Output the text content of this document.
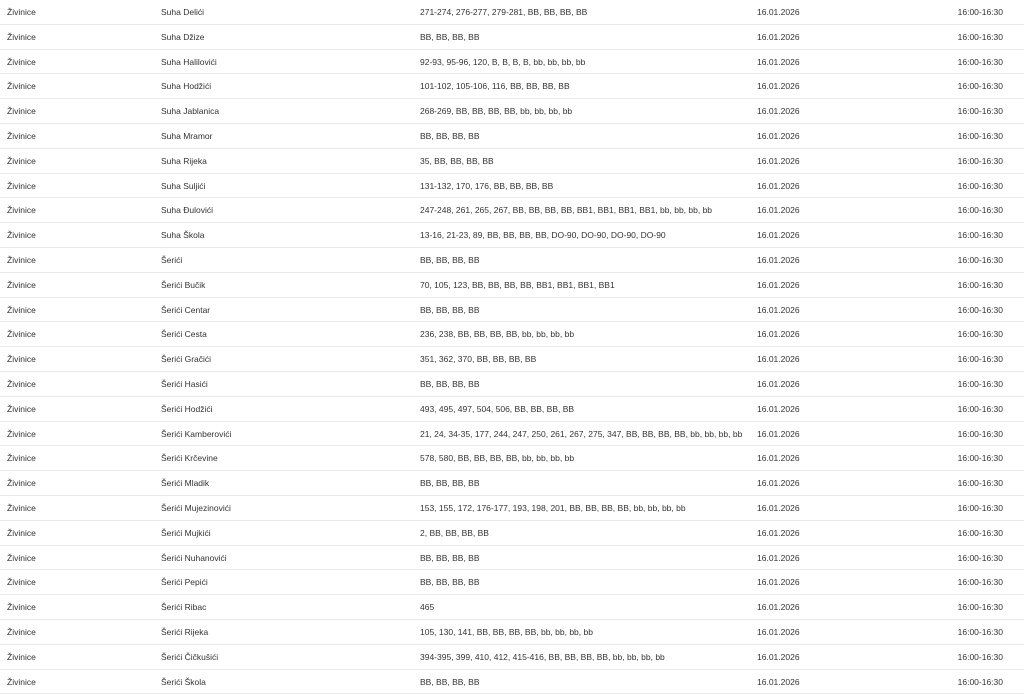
Živinice	Suha Delići	271-274, 276-277, 279-281, BB, BB, BB, BB	16.01.2026	16:00-16:30
Živinice	Suha Džize	BB, BB, BB, BB	16.01.2026	16:00-16:30
Živinice	Suha Halilovići	92-93, 95-96, 120, B, B, B, B, bb, bb, bb, bb	16.01.2026	16:00-16:30
Živinice	Suha Hodžići	101-102, 105-106, 116, BB, BB, BB, BB	16.01.2026	16:00-16:30
Živinice	Suha Jablanica	268-269, BB, BB, BB, BB, bb, bb, bb, bb	16.01.2026	16:00-16:30
Živinice	Suha Mramor	BB, BB, BB, BB	16.01.2026	16:00-16:30
Živinice	Suha Rijeka	35, BB, BB, BB, BB	16.01.2026	16:00-16:30
Živinice	Suha Suljići	131-132, 170, 176, BB, BB, BB, BB	16.01.2026	16:00-16:30
Živinice	Suha Đulovići	247-248, 261, 265, 267, BB, BB, BB, BB, BB1, BB1, BB1, BB1, bb, bb, bb, bb	16.01.2026	16:00-16:30
Živinice	Suha Škola	13-16, 21-23, 89, BB, BB, BB, BB, DO-90, DO-90, DO-90, DO-90	16.01.2026	16:00-16:30
Živinice	Šerići	BB, BB, BB, BB	16.01.2026	16:00-16:30
Živinice	Šerići Bučik	70, 105, 123, BB, BB, BB, BB, BB1, BB1, BB1, BB1	16.01.2026	16:00-16:30
Živinice	Šerići Centar	BB, BB, BB, BB	16.01.2026	16:00-16:30
Živinice	Šerići Cesta	236, 238, BB, BB, BB, BB, bb, bb, bb, bb	16.01.2026	16:00-16:30
Živinice	Šerići Gračići	351, 362, 370, BB, BB, BB, BB	16.01.2026	16:00-16:30
Živinice	Šerići Hasići	BB, BB, BB, BB	16.01.2026	16:00-16:30
Živinice	Šerići Hodžići	493, 495, 497, 504, 506, BB, BB, BB, BB	16.01.2026	16:00-16:30
Živinice	Šerići Kamberovići	21, 24, 34-35, 177, 244, 247, 250, 261, 267, 275, 347, BB, BB, BB, BB, bb, bb, bb, bb	16.01.2026	16:00-16:30
Živinice	Šerići Krčevine	578, 580, BB, BB, BB, BB, bb, bb, bb, bb	16.01.2026	16:00-16:30
Živinice	Šerići Mladik	BB, BB, BB, BB	16.01.2026	16:00-16:30
Živinice	Šerići Mujezinovići	153, 155, 172, 176-177, 193, 198, 201, BB, BB, BB, BB, bb, bb, bb, bb	16.01.2026	16:00-16:30
Živinice	Šerići Mujkići	2, BB, BB, BB, BB	16.01.2026	16:00-16:30
Živinice	Šerići Nuhanovići	BB, BB, BB, BB	16.01.2026	16:00-16:30
Živinice	Šerići Pepići	BB, BB, BB, BB	16.01.2026	16:00-16:30
Živinice	Šerići Ribac	465	16.01.2026	16:00-16:30
Živinice	Šerići Rijeka	105, 130, 141, BB, BB, BB, BB, bb, bb, bb, bb	16.01.2026	16:00-16:30
Živinice	Šerići Čičkušići	394-395, 399, 410, 412, 415-416, BB, BB, BB, BB, bb, bb, bb, bb	16.01.2026	16:00-16:30
Živinice	Šerići Škola	BB, BB, BB, BB	16.01.2026	16:00-16:30
